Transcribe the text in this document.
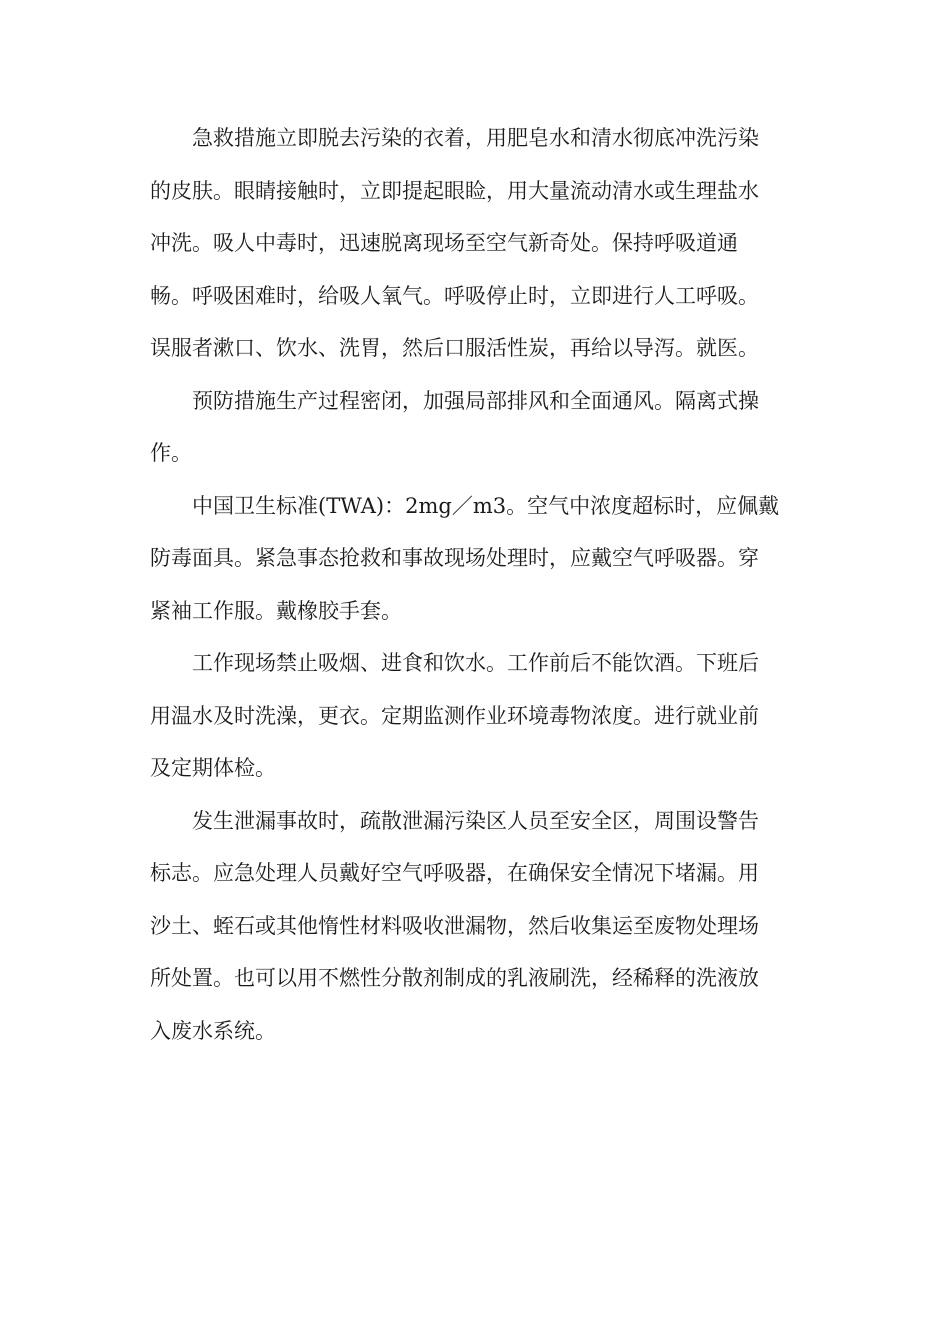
急救措施立即脱去污染的衣着，用肥皂水和清水彻底冲洗污染
的皮肤。眼睛接触时，立即提起眼睑，用大量流动清水或生理盐水
冲洗。吸人中毒时，迅速脱离现场至空气新奇处。保持呼吸道通
畅。呼吸困难时，给吸人氧气。呼吸停止时，立即进行人工呼吸。
误服者漱口、饮水、洗胃，然后口服活性炭，再给以导泻。就医。

预防措施生产过程密闭，加强局部排风和全面通风。隔离式操
作。

中国卫生标准(TWA)：2mg／m3。空气中浓度超标时，应佩戴
防毒面具。紧急事态抢救和事故现场处理时，应戴空气呼吸器。穿
紧袖工作服。戴橡胶手套。

工作现场禁止吸烟、进食和饮水。工作前后不能饮酒。下班后
用温水及时洗澡，更衣。定期监测作业环境毒物浓度。进行就业前
及定期体检。

发生泄漏事故时，疏散泄漏污染区人员至安全区，周围设警告
标志。应急处理人员戴好空气呼吸器，在确保安全情况下堵漏。用
沙土、蛭石或其他惰性材料吸收泄漏物，然后收集运至废物处理场
所处置。也可以用不燃性分散剂制成的乳液刷洗，经稀释的洗液放
入废水系统。
